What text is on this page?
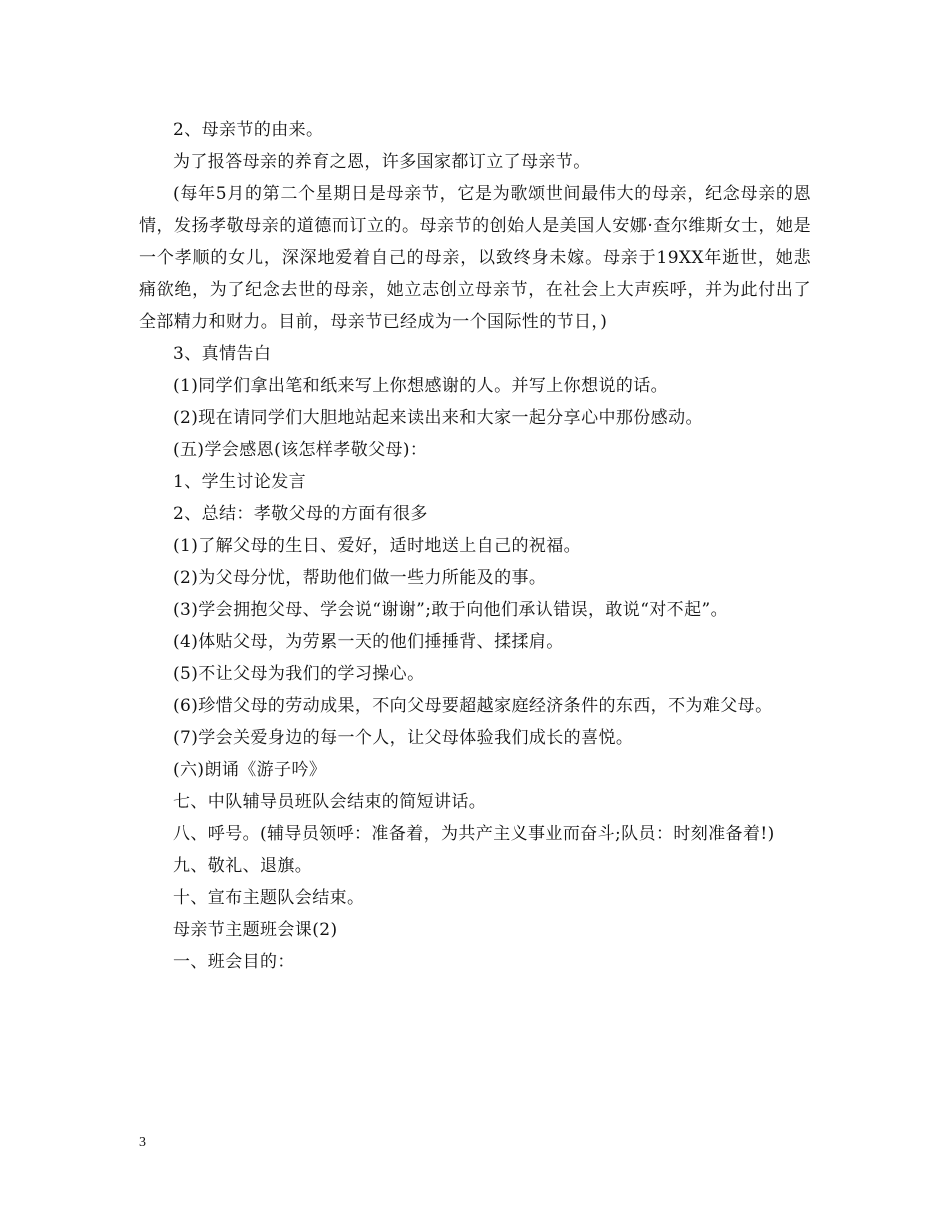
2、母亲节的由来。

为了报答母亲的养育之恩，许多国家都订立了母亲节。

(每年5月的第二个星期日是母亲节，它是为歌颂世间最伟大的母亲，纪念母亲的恩情，发扬孝敬母亲的道德而订立的。母亲节的创始人是美国人安娜·查尔维斯女士，她是一个孝顺的女儿，深深地爱着自己的母亲，以致终身未嫁。母亲于19XX年逝世，她悲痛欲绝，为了纪念去世的母亲，她立志创立母亲节，在社会上大声疾呼，并为此付出了全部精力和财力。目前，母亲节已经成为一个国际性的节日，)

3、真情告白

(1)同学们拿出笔和纸来写上你想感谢的人。并写上你想说的话。

(2)现在请同学们大胆地站起来读出来和大家一起分享心中那份感动。

(五)学会感恩(该怎样孝敬父母)：

1、学生讨论发言

2、总结：孝敬父母的方面有很多

(1)了解父母的生日、爱好，适时地送上自己的祝福。

(2)为父母分忧，帮助他们做一些力所能及的事。

(3)学会拥抱父母、学会说“谢谢”;敢于向他们承认错误，敢说“对不起”。

(4)体贴父母，为劳累一天的他们捶捶背、揉揉肩。

(5)不让父母为我们的学习操心。

(6)珍惜父母的劳动成果，不向父母要超越家庭经济条件的东西，不为难父母。

(7)学会关爱身边的每一个人，让父母体验我们成长的喜悦。

(六)朗诵《游子吟》

七、中队辅导员班队会结束的简短讲话。

八、呼号。(辅导员领呼：准备着，为共产主义事业而奋斗;队员：时刻准备着!)

九、敬礼、退旗。

十、宣布主题队会结束。

母亲节主题班会课(2)

一、班会目的：

3
